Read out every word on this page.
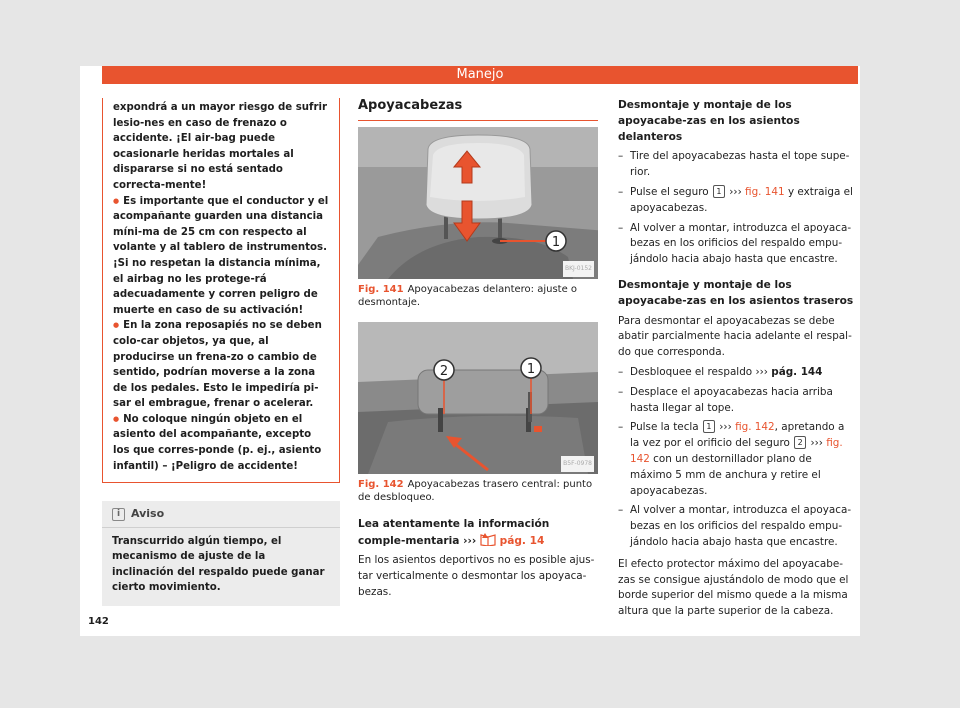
Manejo

expondrá a un mayor riesgo de sufrir lesio-nes en caso de frenazo o accidente. ¡El air-bag puede ocasionarle heridas mortales al dispararse si no está sentado correcta-mente!

● Es importante que el conductor y el acompañante guarden una distancia míni-ma de 25 cm con respecto al volante y al tablero de instrumentos. ¡Si no respetan la distancia mínima, el airbag no les protege-rá adecuadamente y corren peligro de muerte en caso de su activación!

● En la zona reposapiés no se deben colo-car objetos, ya que, al producirse un frena-zo o cambio de sentido, podrían moverse a la zona de los pedales. Esto le impediría pi-sar el embrague, frenar o acelerar.

● No coloque ningún objeto en el asiento del acompañante, excepto los que corres-ponde (p. ej., asiento infantil) – ¡Peligro de accidente!

i Aviso
Transcurrido algún tiempo, el mecanismo de ajuste de la inclinación del respaldo puede ganar cierto movimiento.
Apoyacabezas
1
BKJ-0152
Fig. 141 Apoyacabezas delantero: ajuste o desmontaje.
2	1
B5F-0978
Fig. 142 Apoyacabezas trasero central: punto de desbloqueo.
Lea atentamente la información comple-mentaria ››› pág. 14

En los asientos deportivos no es posible ajus-tar verticalmente o desmontar los apoyaca-bezas.

Desmontaje y montaje de los apoyacabe-zas en los asientos delanteros
– Tire del apoyacabezas hasta el tope supe-rior.
– Pulse el seguro 1 ››› fig. 141 y extraiga el apoyacabezas.
– Al volver a montar, introduzca el apoyaca-bezas en los orificios del respaldo empu-jándolo hacia abajo hasta que encastre.
Desmontaje y montaje de los apoyacabe-zas en los asientos traseros

Para desmontar el apoyacabezas se debe abatir parcialmente hacia adelante el respal-do que corresponda.

– Desbloquee el respaldo ››› pág. 144
– Desplace el apoyacabezas hacia arriba hasta llegar al tope.
– Pulse la tecla 1 ››› fig. 142, apretando a la vez por el orificio del seguro 2 ››› fig. 142 con un destornillador plano de máximo 5 mm de anchura y retire el apoyacabezas.
– Al volver a montar, introduzca el apoyaca-bezas en los orificios del respaldo empu-jándolo hacia abajo hasta que encastre.

El efecto protector máximo del apoyacabe-zas se consigue ajustándolo de modo que el borde superior del mismo quede a la misma altura que la parte superior de la cabeza.

142
